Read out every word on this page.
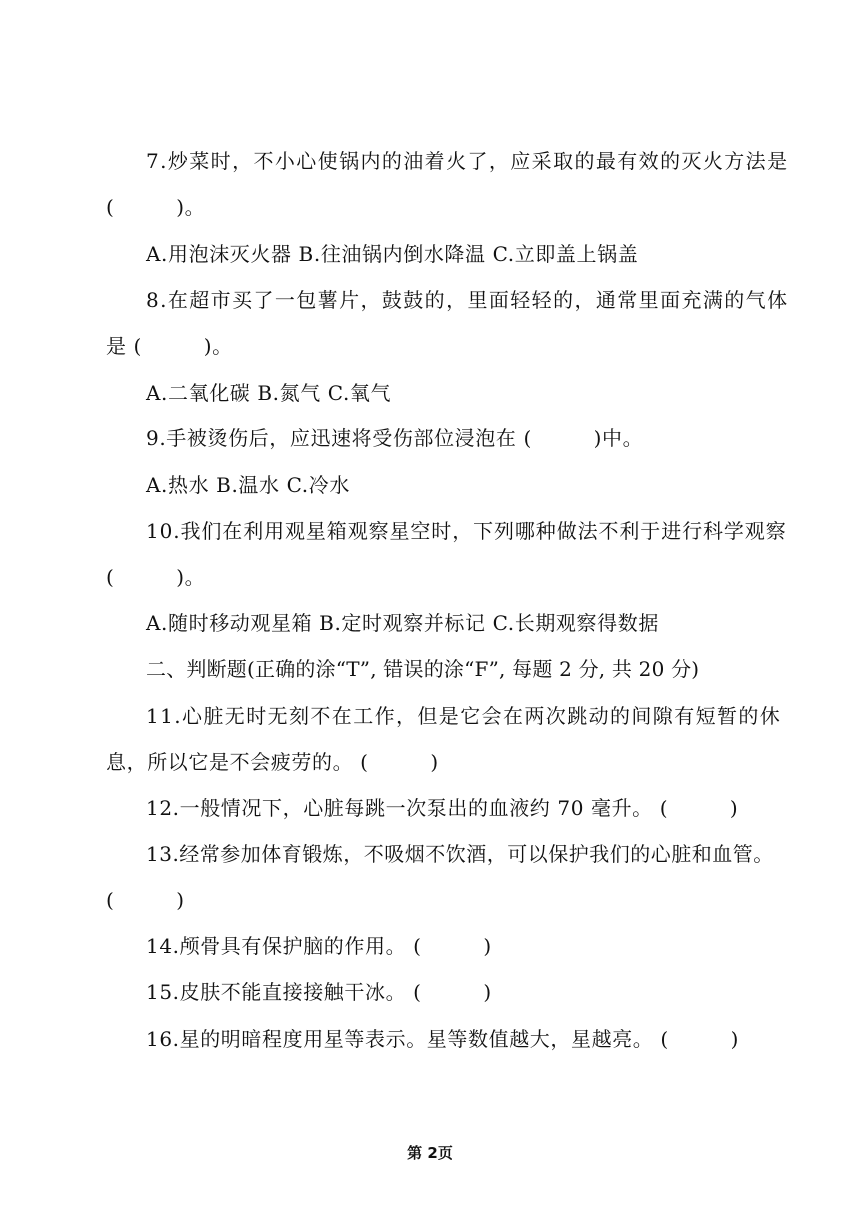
7.炒菜时，不小心使锅内的油着火了，应采取的最有效的灭火方法是
(　　　)。
A.用泡沫灭火器 B.往油锅内倒水降温 C.立即盖上锅盖
8.在超市买了一包薯片，鼓鼓的，里面轻轻的，通常里面充满的气体
是 (　　　)。
A.二氧化碳 B.氮气 C.氧气
9.手被烫伤后，应迅速将受伤部位浸泡在 (　　　)中。
A.热水 B.温水 C.冷水
10.我们在利用观星箱观察星空时，下列哪种做法不利于进行科学观察
(　　　)。
A.随时移动观星箱 B.定时观察并标记 C.长期观察得数据
二、判断题(正确的涂“T”, 错误的涂“F”, 每题 2 分, 共 20 分)
11.心脏无时无刻不在工作，但是它会在两次跳动的间隙有短暂的休
息，所以它是不会疲劳的。 (　　　)
12.一般情况下，心脏每跳一次泵出的血液约 70 毫升。 (　　　)
13.经常参加体育锻炼，不吸烟不饮酒，可以保护我们的心脏和血管。
(　　　)
14.颅骨具有保护脑的作用。 (　　　)
15.皮肤不能直接接触干冰。 (　　　)
16.星的明暗程度用星等表示。星等数值越大，星越亮。 (　　　)
第 2页
